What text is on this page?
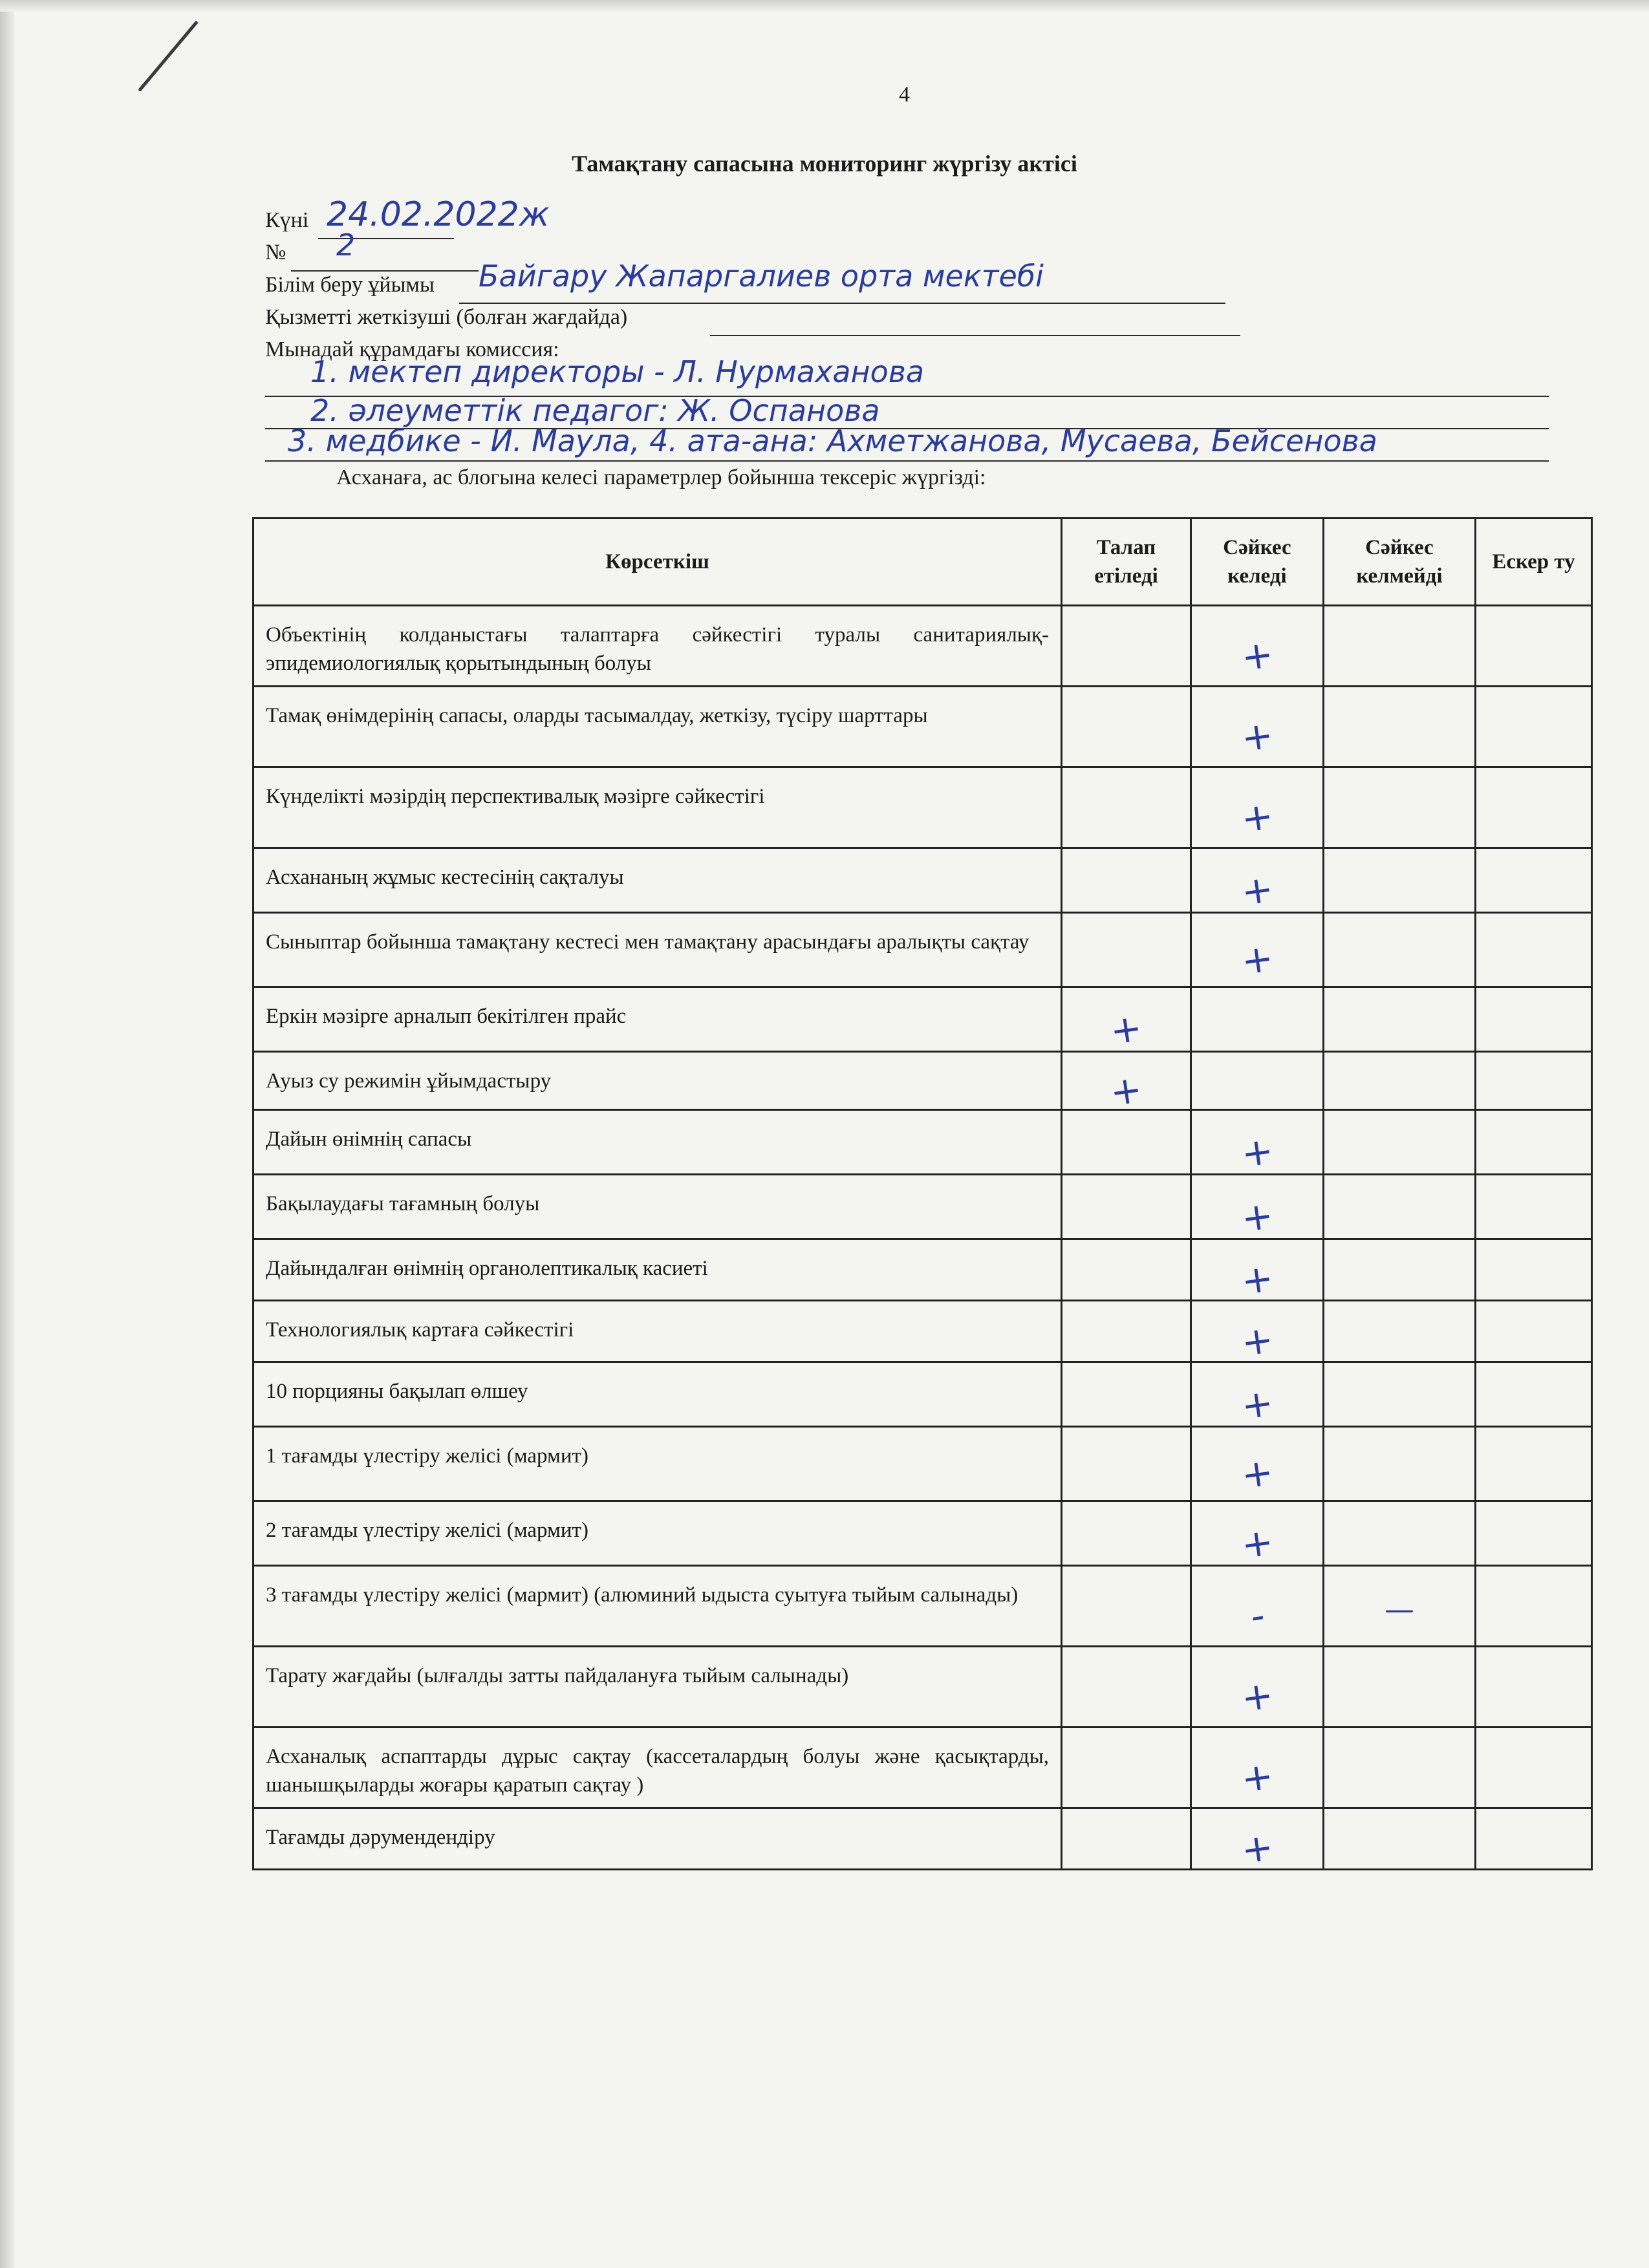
4
Тамақтану сапасына мониторинг жүргізу актісі
Күні 24.02.2022ж
№ 2
Білім беру ұйымы Байгару Жапаргалиев орта мектебі
Қызметті жеткізуші (болған жағдайда)
Мынадай құрамдағы комиссия:
1. мектеп директоры - Л. Нурмаханова
2. әлеуметтік педагог: Ж. Оспанова
3. медбике - И. Маула, 4. ата-ана: Ахметжанова, Мусаева, Бейсенова
Асханаға, ас блогына келесі параметрлер бойынша тексеріс жүргізді:
Көрсеткіш	Талап етіледі	Сәйкес келеді	Сәйкес келмейді	Ескер ту
Объектінің колданыстағы талаптарға сәйкестігі туралы санитариялық-эпидемиологиялық қорытындының болуы		+		
Тамақ өнімдерінің сапасы, оларды тасымалдау, жеткізу, түсіру шарттары		+		
Күнделікті мәзірдің перспективалық мәзірге сәйкестігі		+		
Асхананың жұмыс кестесінің сақталуы		+		
Сыныптар бойынша тамақтану кестесі мен тамақтану арасындағы аралықты сақтау		+		
Еркін мәзірге арналып бекітілген прайс	+			
Ауыз су режимін ұйымдастыру	+			
Дайын өнімнің сапасы		+		
Бақылаудағы тағамның болуы		+		
Дайындалған өнімнің органолептикалық касиеті		+		
Технологиялық картаға сәйкестігі		+		
10 порцияны бақылап өлшеу		+		
1 тағамды үлестіру желісі (мармит)		+		
2 тағамды үлестіру желісі (мармит)		+		
3 тағамды үлестіру желісі (мармит) (алюминий ыдыста суытуға тыйым салынады)		-	—	
Тарату жағдайы (ылғалды затты пайдалануға тыйым салынады)		+		
Асханалық аспаптарды дұрыс сақтау (кассеталардың болуы және қасықтарды, шанышқыларды жоғары қаратып сақтау )		+		
Тағамды дәрумендендіру		+		
